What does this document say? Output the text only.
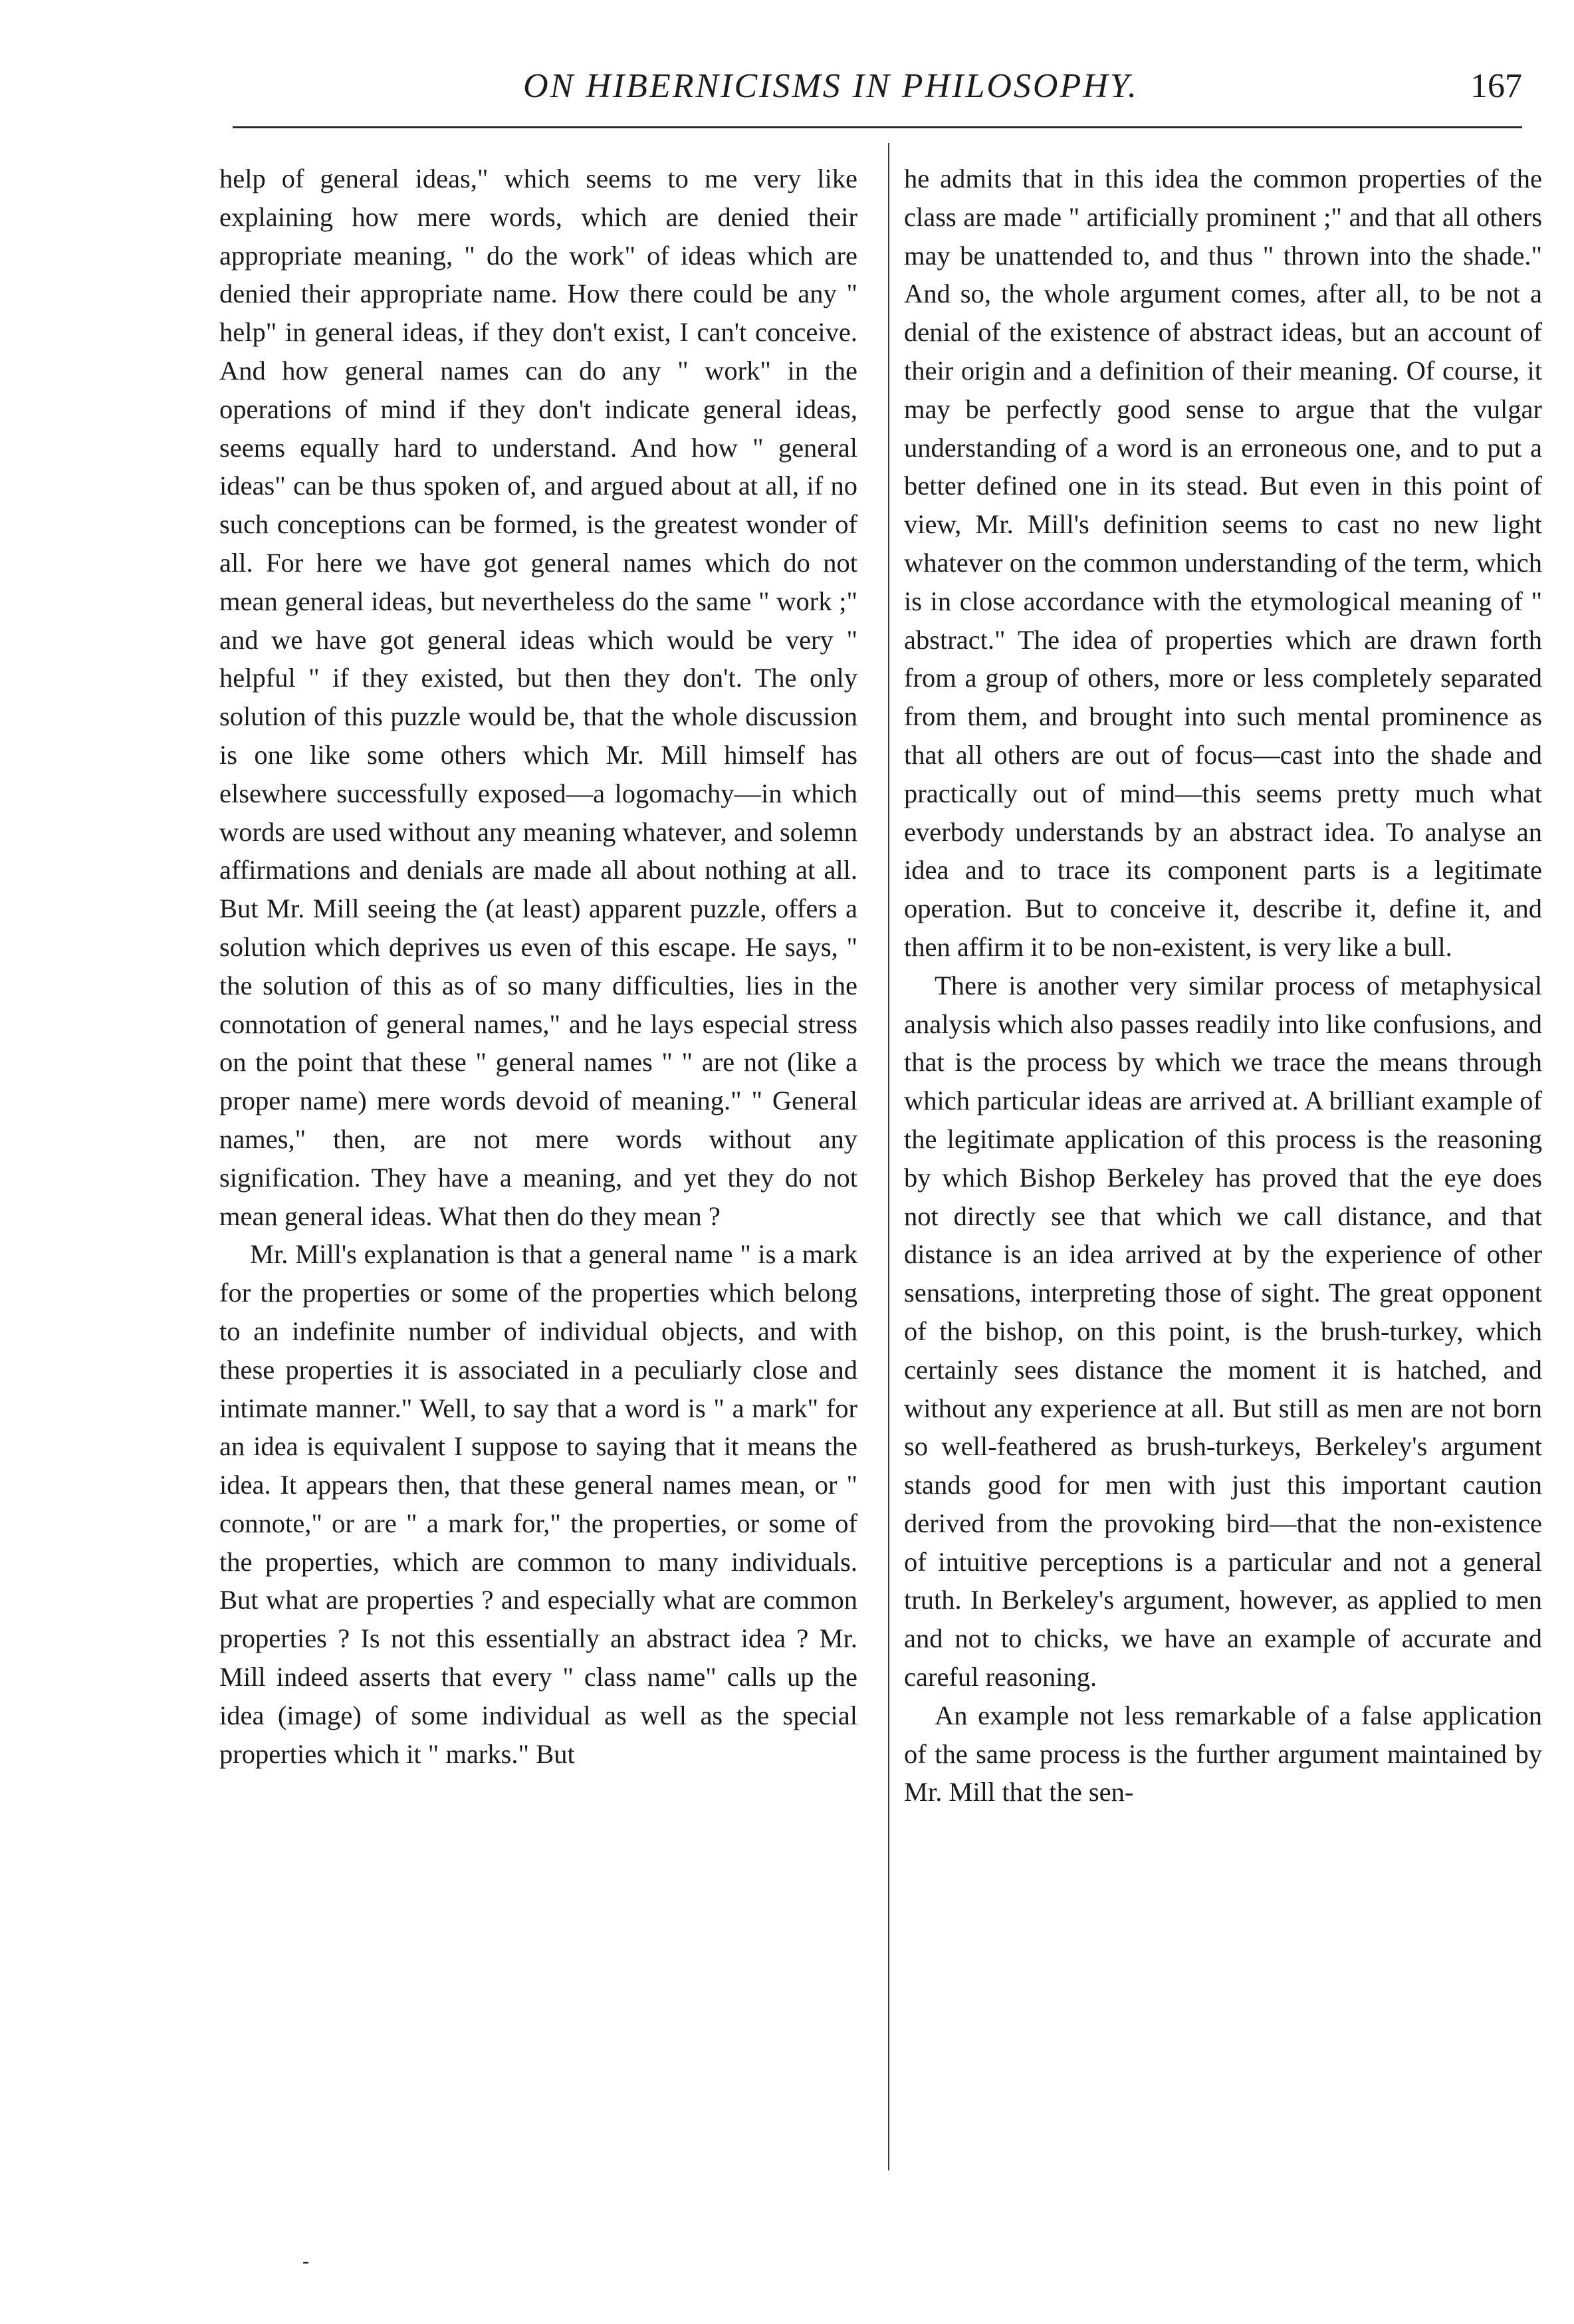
ON HIBERNICISMS IN PHILOSOPHY.	167

help of general ideas," which seems to me very like explaining how mere words, which are denied their appropriate meaning, " do the work" of ideas which are denied their appropriate name. How there could be any " help" in general ideas, if they don't exist, I can't conceive. And how general names can do any " work" in the operations of mind if they don't indicate general ideas, seems equally hard to understand. And how " general ideas" can be thus spoken of, and argued about at all, if no such conceptions can be formed, is the greatest wonder of all. For here we have got general names which do not mean general ideas, but nevertheless do the same " work ;" and we have got general ideas which would be very " helpful " if they existed, but then they don't. The only solution of this puzzle would be, that the whole discussion is one like some others which Mr. Mill himself has elsewhere successfully exposed—a logomachy—in which words are used without any meaning whatever, and solemn affirmations and denials are made all about nothing at all. But Mr. Mill seeing the (at least) apparent puzzle, offers a solution which deprives us even of this escape. He says, " the solution of this as of so many difficulties, lies in the connotation of general names," and he lays especial stress on the point that these " general names " " are not (like a proper name) mere words devoid of meaning." " General names," then, are not mere words without any signification. They have a meaning, and yet they do not mean general ideas. What then do they mean ?

Mr. Mill's explanation is that a general name " is a mark for the properties or some of the properties which belong to an indefinite number of individual objects, and with these properties it is associated in a peculiarly close and intimate manner." Well, to say that a word is " a mark" for an idea is equivalent I suppose to saying that it means the idea. It appears then, that these general names mean, or " connote," or are " a mark for," the properties, or some of the properties, which are common to many individuals. But what are properties ? and especially what are common properties ? Is not this essentially an abstract idea ? Mr. Mill indeed asserts that every " class name" calls up the idea (image) of some individual as well as the special properties which it " marks." But

he admits that in this idea the common properties of the class are made " artificially prominent ;" and that all others may be unattended to, and thus " thrown into the shade." And so, the whole argument comes, after all, to be not a denial of the existence of abstract ideas, but an account of their origin and a definition of their meaning. Of course, it may be perfectly good sense to argue that the vulgar understanding of a word is an erroneous one, and to put a better defined one in its stead. But even in this point of view, Mr. Mill's definition seems to cast no new light whatever on the common understanding of the term, which is in close accordance with the etymological meaning of " abstract." The idea of properties which are drawn forth from a group of others, more or less completely separated from them, and brought into such mental prominence as that all others are out of focus—cast into the shade and practically out of mind—this seems pretty much what everbody understands by an abstract idea. To analyse an idea and to trace its component parts is a legitimate operation. But to conceive it, describe it, define it, and then affirm it to be non-existent, is very like a bull.

There is another very similar process of metaphysical analysis which also passes readily into like confusions, and that is the process by which we trace the means through which particular ideas are arrived at. A brilliant example of the legitimate application of this process is the reasoning by which Bishop Berkeley has proved that the eye does not directly see that which we call distance, and that distance is an idea arrived at by the experience of other sensations, interpreting those of sight. The great opponent of the bishop, on this point, is the brush-turkey, which certainly sees distance the moment it is hatched, and without any experience at all. But still as men are not born so well-feathered as brush-turkeys, Berkeley's argument stands good for men with just this important caution derived from the provoking bird—that the non-existence of intuitive perceptions is a particular and not a general truth. In Berkeley's argument, however, as applied to men and not to chicks, we have an example of accurate and careful reasoning.

An example not less remarkable of a false application of the same process is the further argument maintained by Mr. Mill that the sen-

-
